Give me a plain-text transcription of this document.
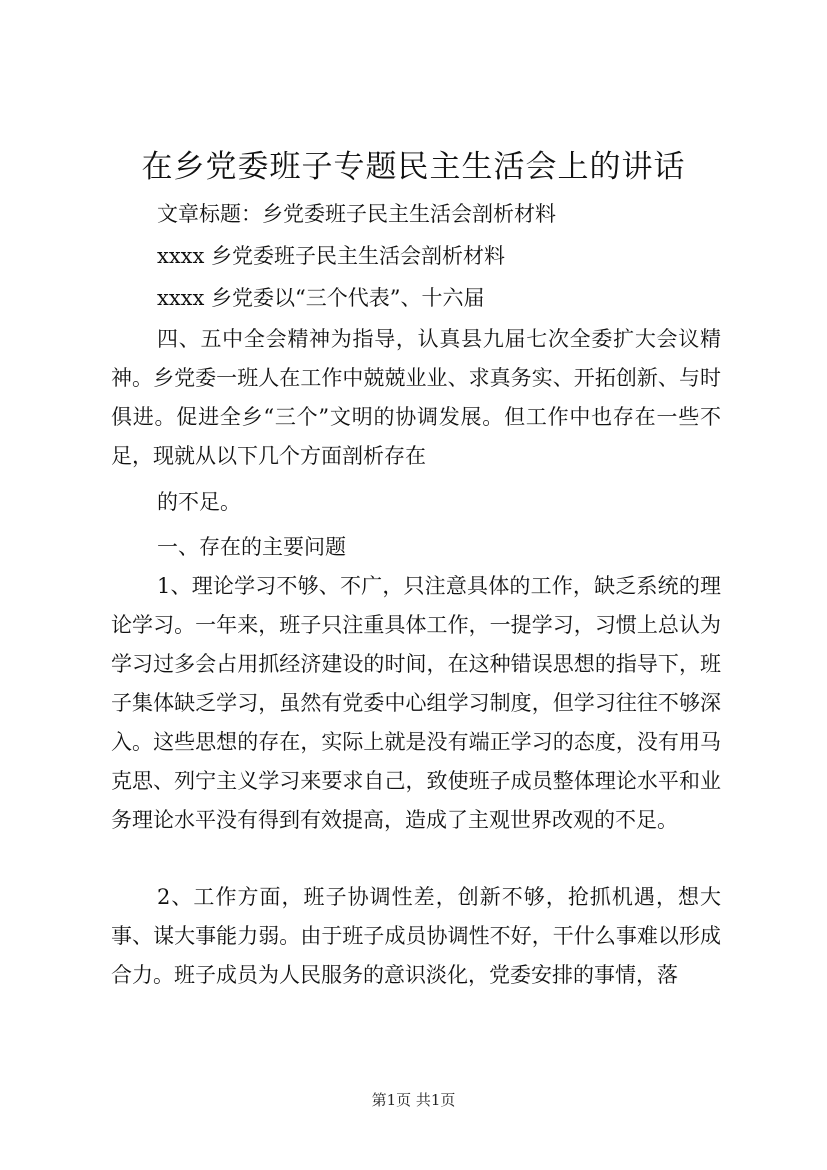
在乡党委班子专题民主生活会上的讲话

文章标题：乡党委班子民主生活会剖析材料

xxxx 乡党委班子民主生活会剖析材料

xxxx 乡党委以“三个代表”、十六届

四、五中全会精神为指导，认真县九届七次全委扩大会议精神。乡党委一班人在工作中兢兢业业、求真务实、开拓创新、与时俱进。促进全乡“三个”文明的协调发展。但工作中也存在一些不足，现就从以下几个方面剖析存在

的不足。

一、存在的主要问题

1、理论学习不够、不广，只注意具体的工作，缺乏系统的理论学习。一年来，班子只注重具体工作，一提学习，习惯上总认为学习过多会占用抓经济建设的时间，在这种错误思想的指导下，班子集体缺乏学习，虽然有党委中心组学习制度，但学习往往不够深入。这些思想的存在，实际上就是没有端正学习的态度，没有用马克思、列宁主义学习来要求自己，致使班子成员整体理论水平和业务理论水平没有得到有效提高，造成了主观世界改观的不足。

2、工作方面，班子协调性差，创新不够，抢抓机遇，想大事、谋大事能力弱。由于班子成员协调性不好，干什么事难以形成合力。班子成员为人民服务的意识淡化，党委安排的事情，落

第1页 共1页
